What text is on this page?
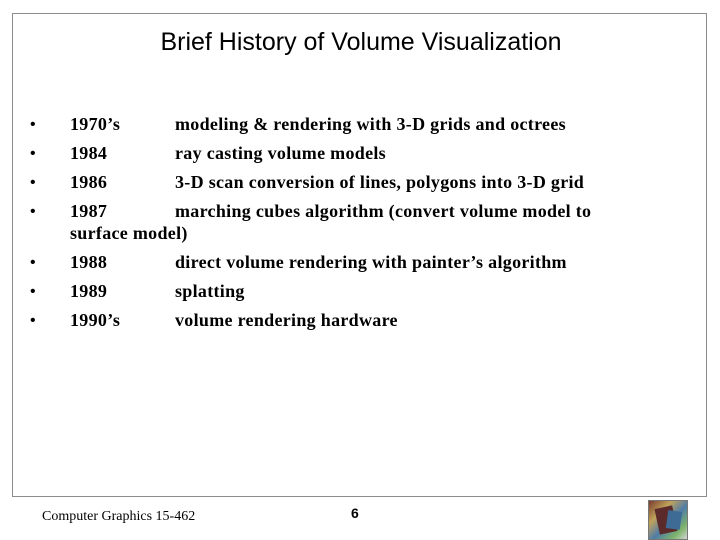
Brief History of Volume Visualization
• 1970’s	modeling & rendering with 3-D grids and octrees
• 1984	ray casting volume models
• 1986	3-D scan conversion of lines, polygons into 3-D grid
• 1987	marching cubes algorithm (convert volume model to
surface model)
• 1988	direct volume rendering with painter’s algorithm
• 1989	splatting
• 1990’s	volume rendering hardware
Computer Graphics 15-462	6
